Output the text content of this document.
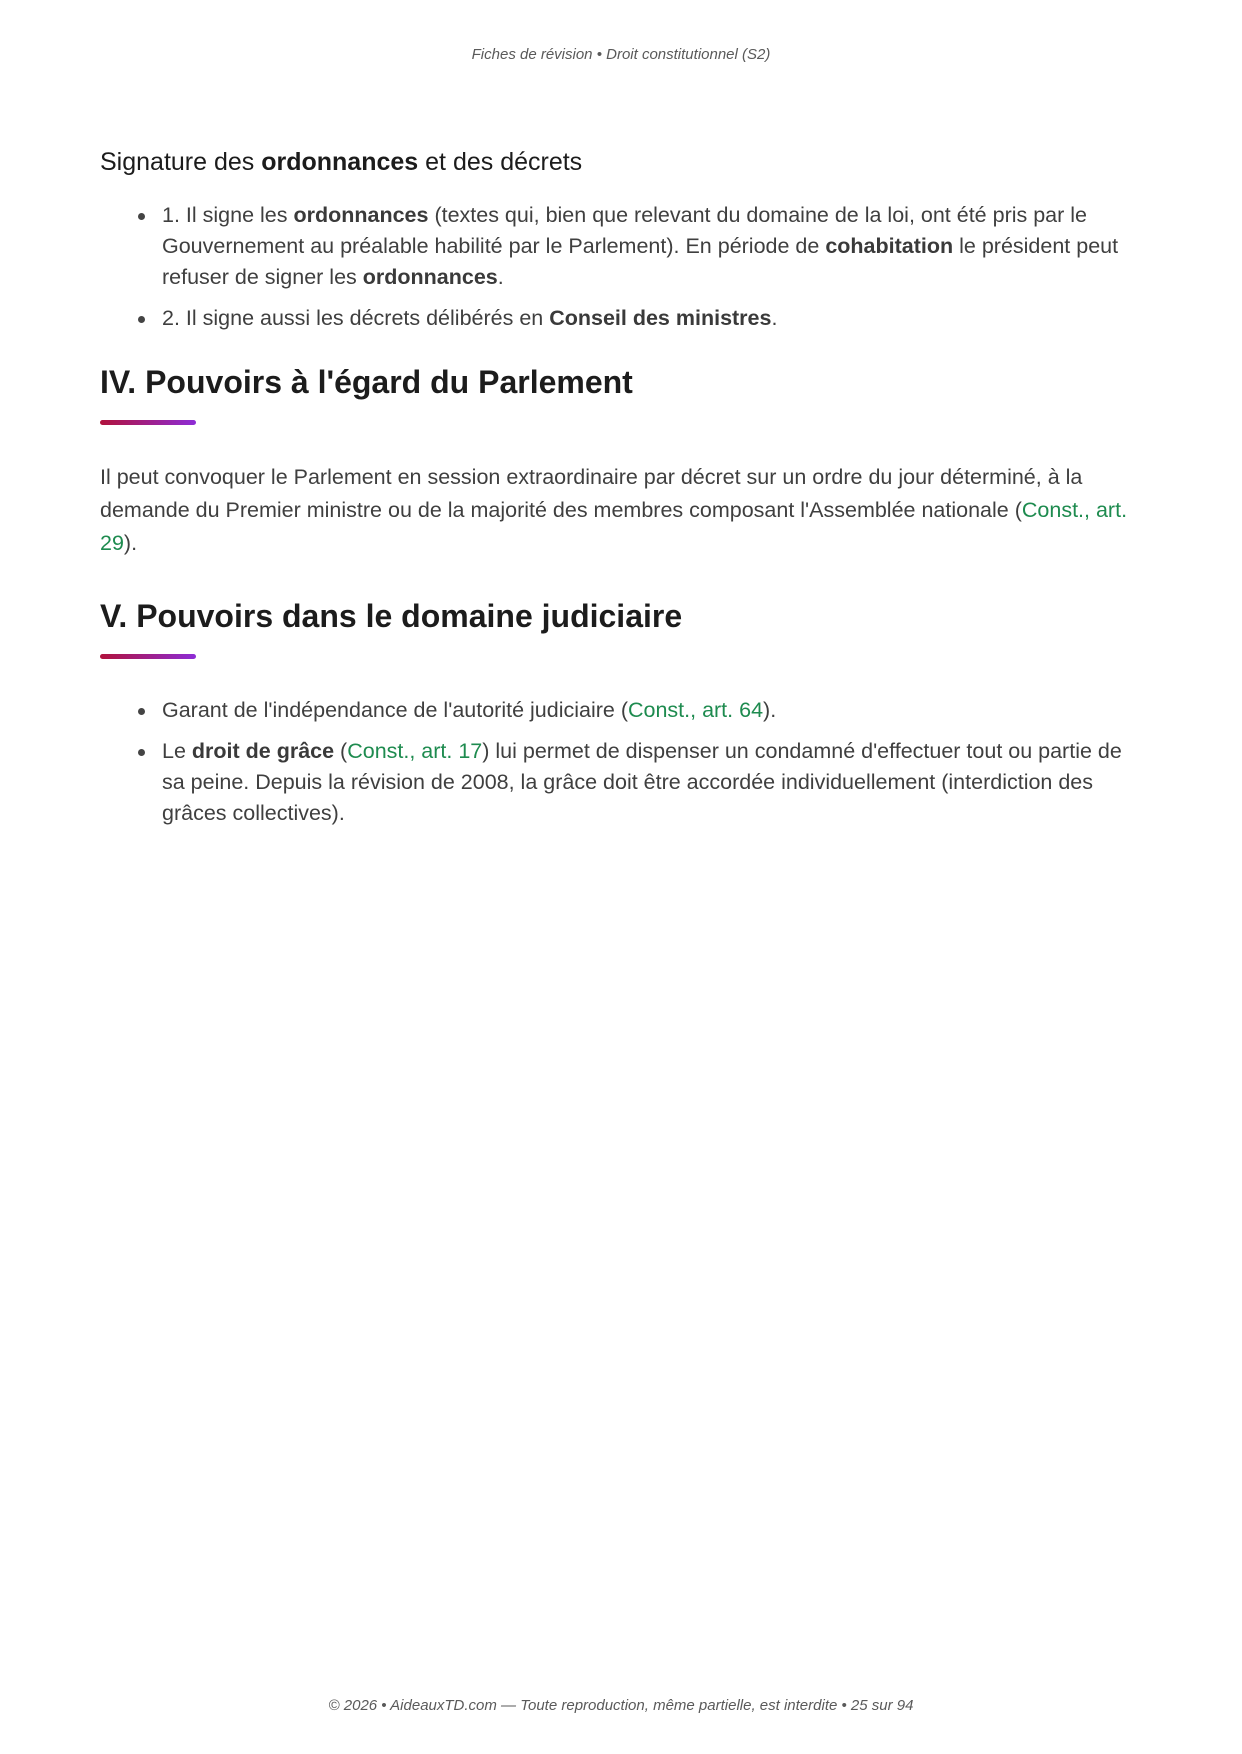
Fiches de révision • Droit constitutionnel (S2)
Signature des ordonnances et des décrets
1. Il signe les ordonnances (textes qui, bien que relevant du domaine de la loi, ont été pris par le Gouvernement au préalable habilité par le Parlement). En période de cohabitation le président peut refuser de signer les ordonnances.
2. Il signe aussi les décrets délibérés en Conseil des ministres.
IV. Pouvoirs à l'égard du Parlement

Il peut convoquer le Parlement en session extraordinaire par décret sur un ordre du jour déterminé, à la demande du Premier ministre ou de la majorité des membres composant l'Assemblée nationale (Const., art. 29).

V. Pouvoirs dans le domaine judiciaire
Garant de l'indépendance de l'autorité judiciaire (Const., art. 64).
Le droit de grâce (Const., art. 17) lui permet de dispenser un condamné d'effectuer tout ou partie de sa peine. Depuis la révision de 2008, la grâce doit être accordée individuellement (interdiction des grâces collectives).
© 2026 • AideauxTD.com — Toute reproduction, même partielle, est interdite • 25 sur 94
